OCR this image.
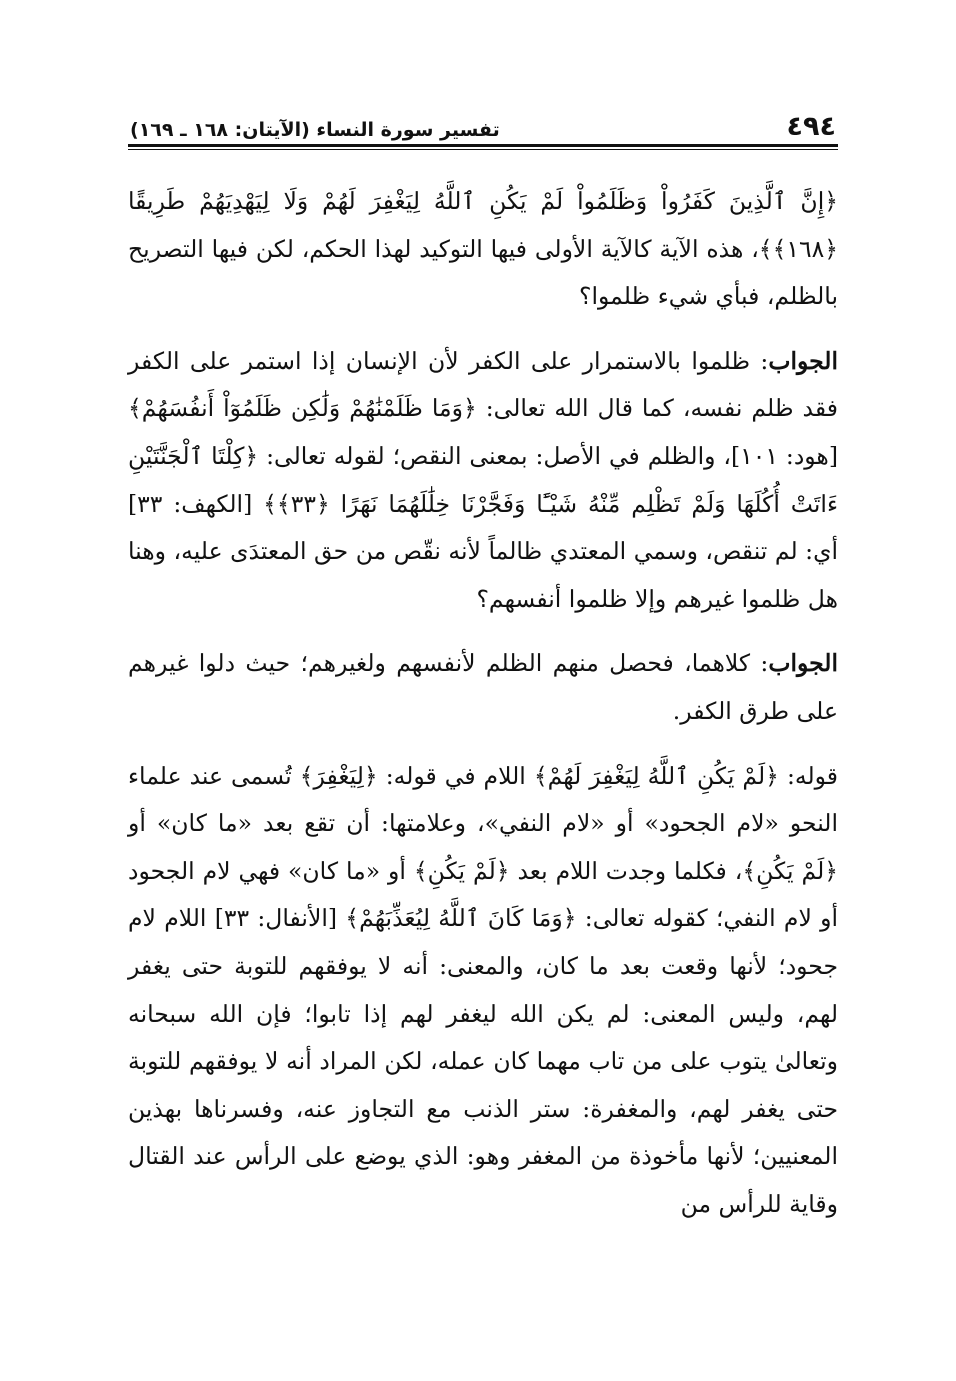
٤٩٤
تفسير سورة النساء (الآيتان: ١٦٨ ـ ١٦٩)

﴿إِنَّ ٱلَّذِينَ كَفَرُواْ وَظَلَمُواْ لَمْ يَكُنِ ٱللَّهُ لِيَغْفِرَ لَهُمْ وَلَا لِيَهْدِيَهُمْ طَرِيقًا ﴿١٦٨﴾﴾، هذه الآية كالآية الأولى فيها التوكيد لهذا الحكم، لكن فيها التصريح بالظلم، فبأي شيء ظلموا؟

الجواب: ظلموا بالاستمرار على الكفر لأن الإنسان إذا استمر على الكفر فقد ظلم نفسه، كما قال الله تعالى: ﴿وَمَا ظَلَمْنَٰهُمْ وَلَٰكِن ظَلَمُوٓاْ أَنفُسَهُمْ﴾ [هود: ١٠١]، والظلم في الأصل: بمعنى النقص؛ لقوله تعالى: ﴿كِلْتَا ٱلْجَنَّتَيْنِ ءَاتَتْ أُكُلَهَا وَلَمْ تَظْلِم مِّنْهُ شَيْـًٔا وَفَجَّرْنَا خِلَٰلَهُمَا نَهَرًا ﴿٣٣﴾﴾ [الكهف: ٣٣] أي: لم تنقص، وسمي المعتدي ظالماً لأنه نقّص من حق المعتدَى عليه، وهنا هل ظلموا غيرهم وإلا ظلموا أنفسهم؟

الجواب: كلاهما، فحصل منهم الظلم لأنفسهم ولغيرهم؛ حيث دلوا غيرهم على طرق الكفر.

قوله: ﴿لَمْ يَكُنِ ٱللَّهُ لِيَغْفِرَ لَهُمْ﴾ اللام في قوله: ﴿لِيَغْفِرَ﴾ تُسمى عند علماء النحو «لام الجحود» أو «لام النفي»، وعلامتها: أن تقع بعد «ما كان» أو ﴿لَمْ يَكُنِ﴾، فكلما وجدت اللام بعد ﴿لَمْ يَكُنِ﴾ أو «ما كان» فهي لام الجحود أو لام النفي؛ كقوله تعالى: ﴿وَمَا كَانَ ٱللَّهُ لِيُعَذِّبَهُمْ﴾ [الأنفال: ٣٣] اللام لام جحود؛ لأنها وقعت بعد ما كان، والمعنى: أنه لا يوفقهم للتوبة حتى يغفر لهم، وليس المعنى: لم يكن الله ليغفر لهم إذا تابوا؛ فإن الله سبحانه وتعالىٰ يتوب على من تاب مهما كان عمله، لكن المراد أنه لا يوفقهم للتوبة حتى يغفر لهم، والمغفرة: ستر الذنب مع التجاوز عنه، وفسرناها بهذين المعنيين؛ لأنها مأخوذة من المغفر وهو: الذي يوضع على الرأس عند القتال وقاية للرأس من
